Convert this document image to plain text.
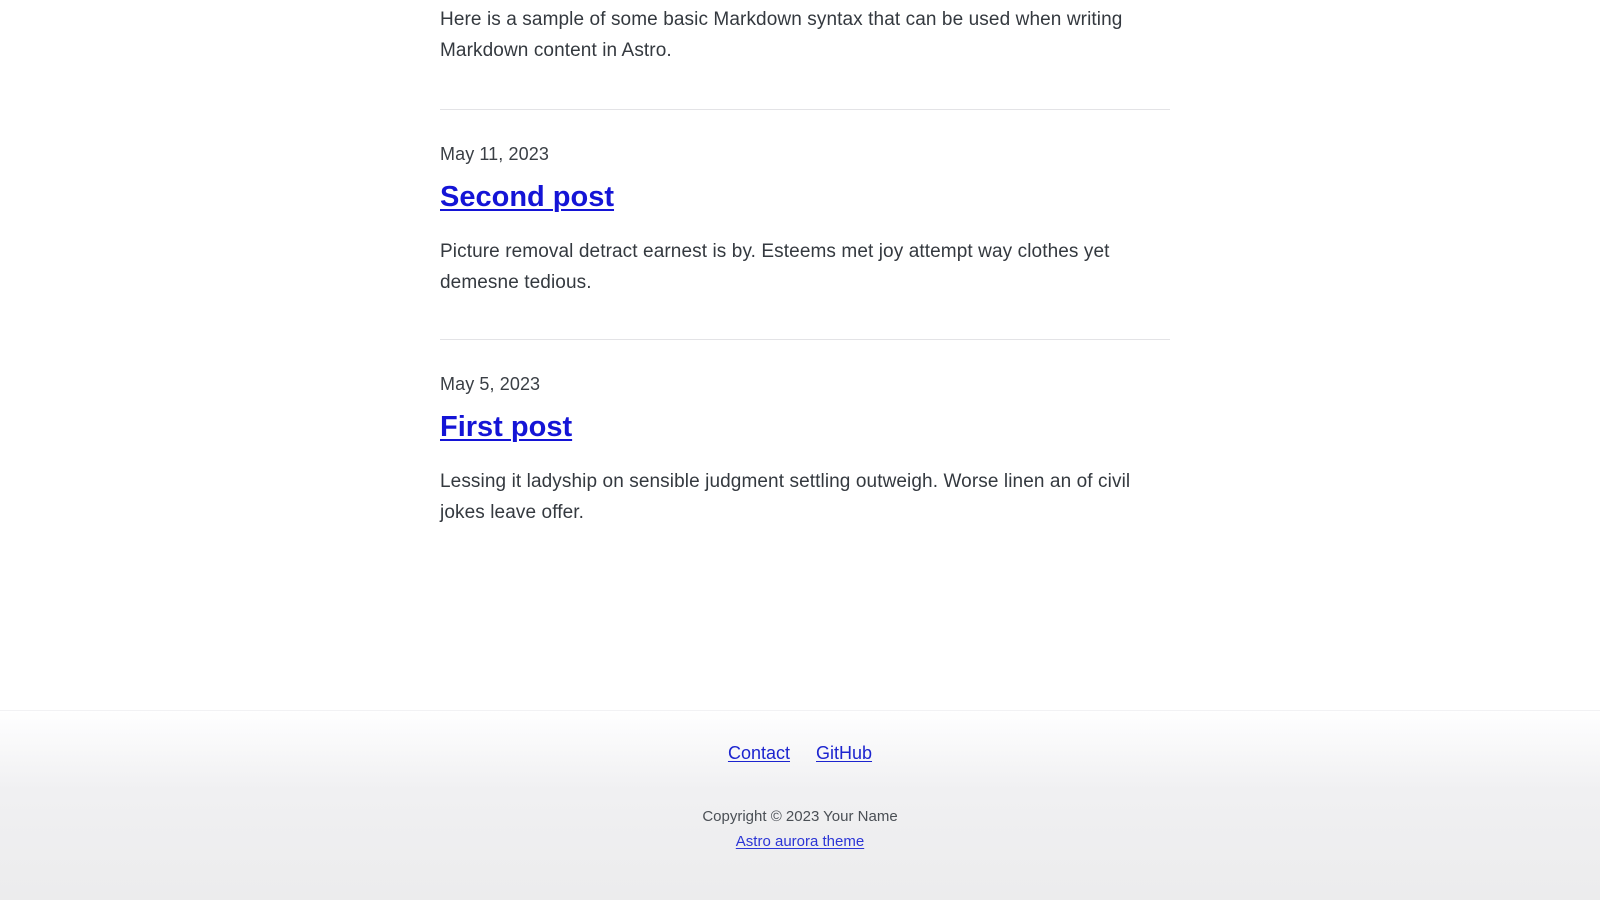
Here is a sample of some basic Markdown syntax that can be used when writing Markdown content in Astro.

May 11, 2023
Second post

Picture removal detract earnest is by. Esteems met joy attempt way clothes yet demesne tedious.

May 5, 2023
First post

Lessing it ladyship on sensible judgment settling outweigh. Worse linen an of civil jokes leave offer.

Contact GitHub

Copyright © 2023 Your Name

Astro aurora theme
